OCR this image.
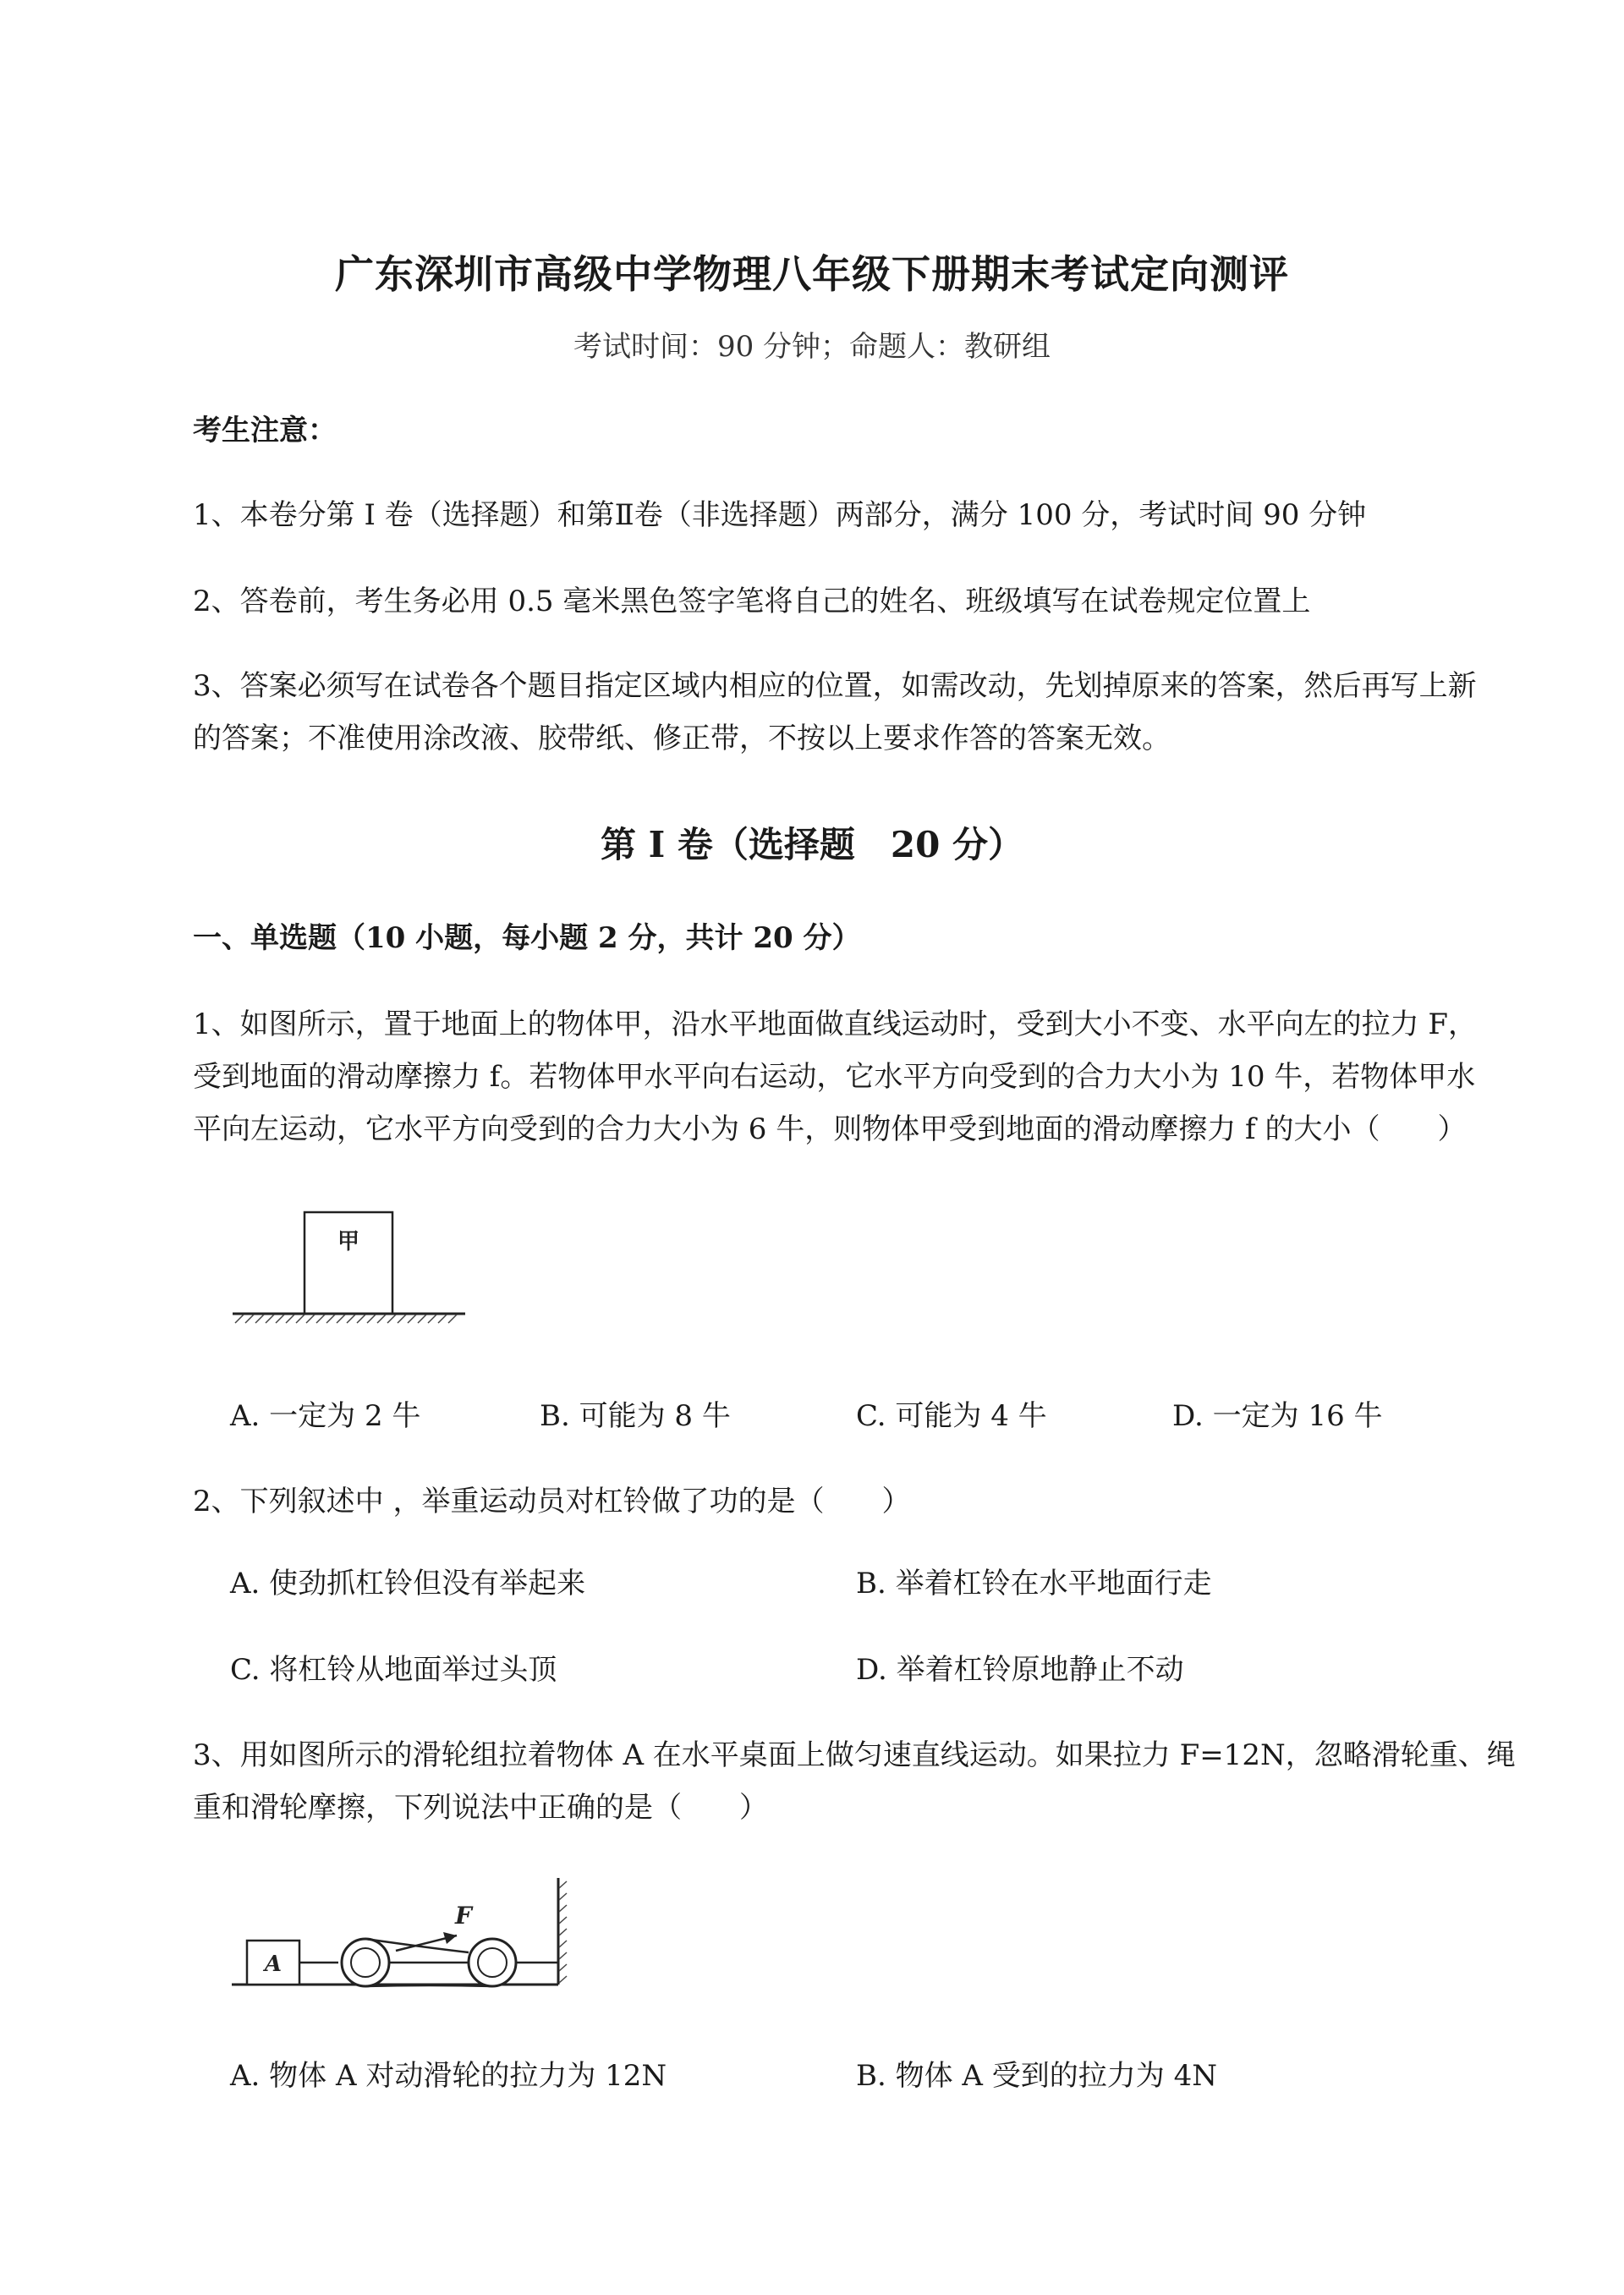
广东深圳市高级中学物理八年级下册期末考试定向测评
考试时间：90 分钟；命题人：教研组
考生注意：
1、本卷分第 I 卷（选择题）和第Ⅱ卷（非选择题）两部分，满分 100 分，考试时间 90 分钟
2、答卷前，考生务必用 0.5 毫米黑色签字笔将自己的姓名、班级填写在试卷规定位置上
3、答案必须写在试卷各个题目指定区域内相应的位置，如需改动，先划掉原来的答案，然后再写上新
的答案；不准使用涂改液、胶带纸、修正带，不按以上要求作答的答案无效。
第 I 卷（选择题　20 分）
一、单选题（10 小题，每小题 2 分，共计 20 分）
1、如图所示，置于地面上的物体甲，沿水平地面做直线运动时，受到大小不变、水平向左的拉力 F，
受到地面的滑动摩擦力 f。若物体甲水平向右运动，它水平方向受到的合力大小为 10 牛，若物体甲水
平向左运动，它水平方向受到的合力大小为 6 牛，则物体甲受到地面的滑动摩擦力 f 的大小（　　）
甲
A. 一定为 2 牛	B. 可能为 8 牛	C. 可能为 4 牛	D. 一定为 16 牛
2、下列叙述中 ，举重运动员对杠铃做了功的是（　　）
A. 使劲抓杠铃但没有举起来	B. 举着杠铃在水平地面行走
C. 将杠铃从地面举过头顶	D. 举着杠铃原地静止不动
3、用如图所示的滑轮组拉着物体 A 在水平桌面上做匀速直线运动。如果拉力 F=12N，忽略滑轮重、绳
重和滑轮摩擦，下列说法中正确的是（　　）
A
F
A. 物体 A 对动滑轮的拉力为 12N	B. 物体 A 受到的拉力为 4N
